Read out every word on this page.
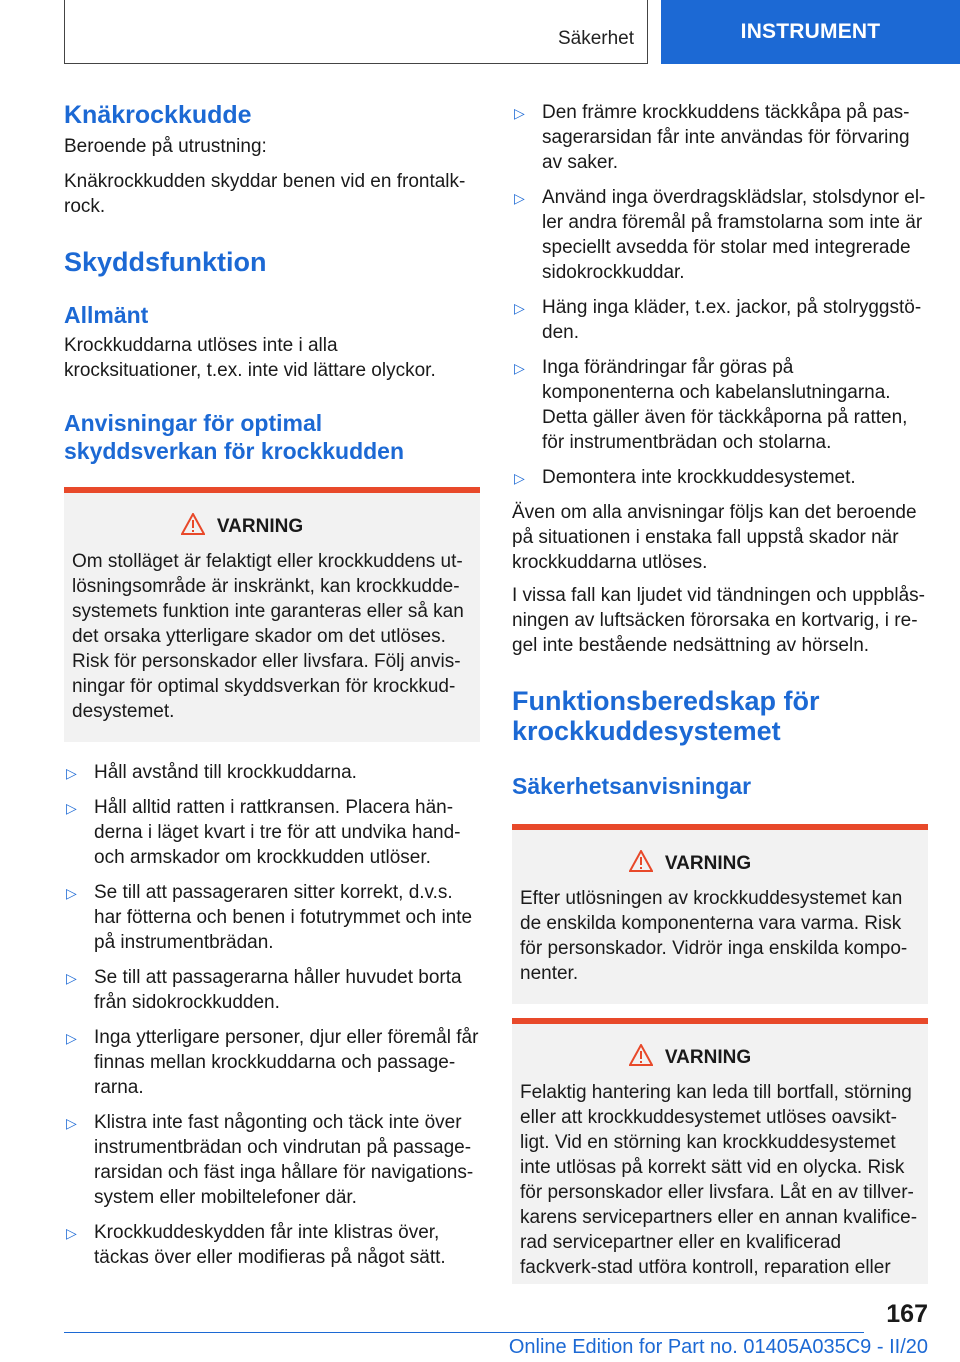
Säkerhet	INSTRUMENT
Knäkrockkudde

Beroende på utrustning:

Knäkrockkudden skyddar benen vid en frontalk-rock.

Skyddsfunktion
Allmänt

Krockkuddarna utlöses inte i alla krocksituationer, t.ex. inte vid lättare olyckor.

Anvisningar för optimal skyddsverkan för krockkudden
VARNING
Om stolläget är felaktigt eller krockkuddens ut-lösningsområde är inskränkt, kan krockkudde-systemets funktion inte garanteras eller så kan det orsaka ytterligare skador om det utlöses. Risk för personskador eller livsfara. Följ anvis-ningar för optimal skyddsverkan för krockkud-desystemet.
▷ Håll avstånd till krockkuddarna.
▷ Håll alltid ratten i rattkransen. Placera hän-derna i läget kvart i tre för att undvika hand- och armskador om krockkudden utlöser.
▷ Se till att passageraren sitter korrekt, d.v.s. har fötterna och benen i fotutrymmet och inte på instrumentbrädan.
▷ Se till att passagerarna håller huvudet borta från sidokrockkudden.
▷ Inga ytterligare personer, djur eller föremål får finnas mellan krockkuddarna och passage-rarna.
▷ Klistra inte fast någonting och täck inte över instrumentbrädan och vindrutan på passage-rarsidan och fäst inga hållare för navigations-system eller mobiltelefoner där.
▷ Krockkuddeskydden får inte klistras över, täckas över eller modifieras på något sätt.
▷ Den främre krockkuddens täckkåpa på pas-sagerarsidan får inte användas för förvaring av saker.
▷ Använd inga överdragsklädslar, stolsdynor el-ler andra föremål på framstolarna som inte är speciellt avsedda för stolar med integrerade sidokrockkuddar.
▷ Häng inga kläder, t.ex. jackor, på stolryggstö-den.
▷ Inga förändringar får göras på komponenterna och kabelanslutningarna. Detta gäller även för täckkåporna på ratten, för instrumentbrädan och stolarna.
▷ Demontera inte krockkuddesystemet.

Även om alla anvisningar följs kan det beroende på situationen i enstaka fall uppstå skador när krockkuddarna utlöses.

I vissa fall kan ljudet vid tändningen och uppblås-ningen av luftsäcken förorsaka en kortvarig, i re-gel inte bestående nedsättning av hörseln.

Funktionsberedskap för krockkuddesystemet
Säkerhetsanvisningar
VARNING
Efter utlösningen av krockkuddesystemet kan de enskilda komponenterna vara varma. Risk för personskador. Vidrör inga enskilda kompo-nenter.
VARNING
Felaktig hantering kan leda till bortfall, störning eller att krockkuddesystemet utlöses oavsikt-ligt. Vid en störning kan krockkuddesystemet inte utlösas på korrekt sätt vid en olycka. Risk för personskador eller livsfara. Låt en av tillver-karens servicepartners eller en annan kvalifice-rad servicepartner eller en kvalificerad fackverk-stad utföra kontroll, reparation eller
167
Online Edition for Part no. 01405A035C9 - II/20
